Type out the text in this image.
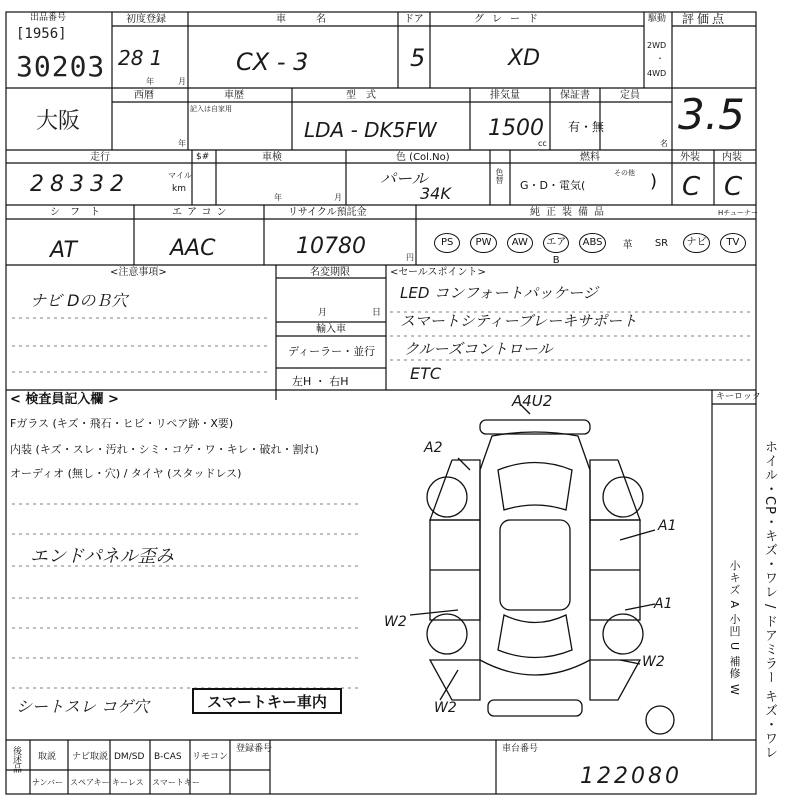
出品番号
[1956]
30203
初度登録
28 1
年	月
車名
CX - 3
ドア
5
グレード
XD
駆動
2WD
・
4WD
評価点
3.5
大阪
西暦	車歴
記入は自家用
年
型式
LDA - DK5FW
排気量
1500
cc
保証書
有・無
定員
名
走行
28332	マイル
km
$#	車検
年	月
色 (Col.No)
パール
34K
色替
燃料
G・D・電気(
その他 )
外装
C
内装
C
シフト
AT
エアコン
AAC
リサイクル預託金
10780	円
純正装備品	Hチューナー
PS	PW	AW	エアB
ABS	革	SR	ナビ	TV
<注意事項>
ナビ DのＢ穴
名変期限
月	日
輸入車
ディーラー・並行
左H ・ 右H
<セールスポイント>
LED コンフォートパッケージ
スマートシティーブレーキサポート
クルーズコントロール
ETC
< 検査員記入欄 >
Fガラス (キズ・飛石・ヒビ・リペア跡・X要)
内装 (キズ・スレ・汚れ・シミ・コゲ・ワ・キレ・破れ・割れ)
オーディオ (無し・穴) / タイヤ (スタッドレス)
エンドパネル歪み
シートスレ コゲ穴	スマートキー車内
キーロック
ホイル・CP・キズ・ワレ / ドアミラー キズ・ワレ
小キズ A 小凹 U 補修 W
A4U2
A2
A1
A1
W2
W2
W2
後述品 取説 ナビ取説 DM/SD B-CAS リモコン
ナンバー スペアキー キーレス スマートキー
登録番号	車台番号
122080
